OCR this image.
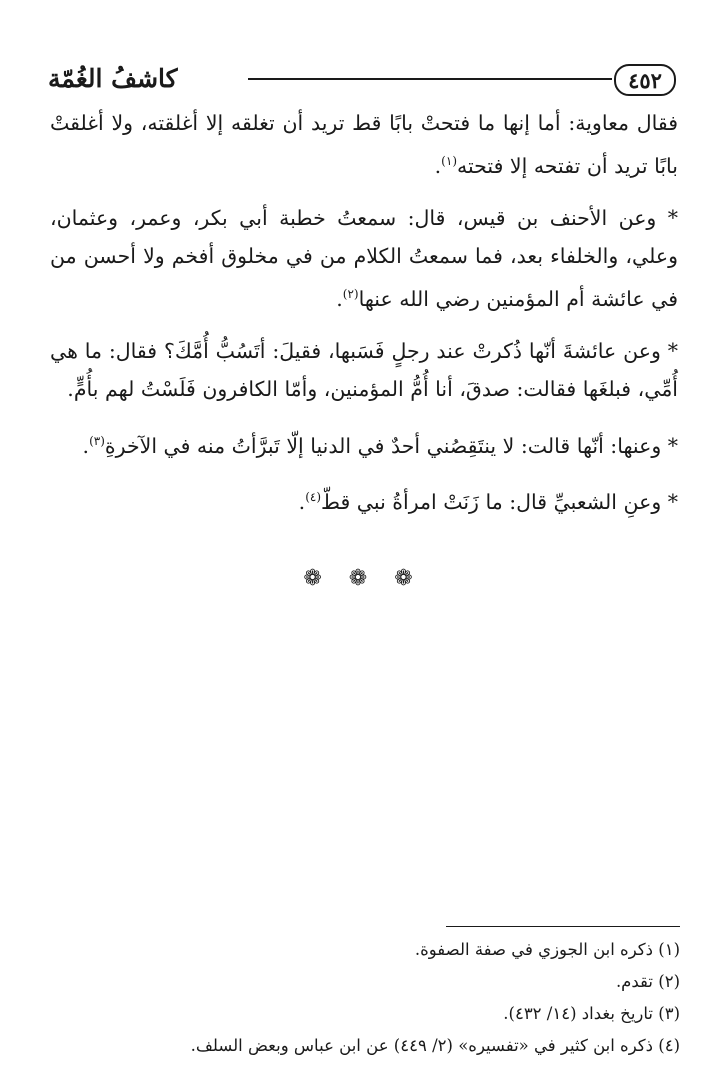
٤٥٢
كاشفُ الغُمّة

فقال معاوية: أما إنها ما فتحتْ بابًا قط تريد أن تغلقه إلا أغلقته، ولا أغلقتْ بابًا تريد أن تفتحه إلا فتحته$^{(١)}$.

* وعن الأحنف بن قيس، قال: سمعتُ خطبة أبي بكر، وعمر، وعثمان، وعلي، والخلفاء بعد، فما سمعتُ الكلام من في مخلوق أفخم ولا أحسن من في عائشة أم المؤمنين رضي الله عنها$^{(٢)}$.

* وعن عائشةَ أنّها ذُكرتْ عند رجلٍ فَسَبها، فقيلَ: أتَسُبُّ أُمَّكَ؟ فقال: ما هي أُمِّي، فبلغَها فقالت: صدقَ، أنا أُمُّ المؤمنين، وأمّا الكافرون فَلَسْتُ لهم بأُمٍّ.

* وعنها: أنّها قالت: لا ينتَقِصُني أحدٌ في الدنيا إلّا تَبرَّأتُ منه في الآخرةِ$^{(٣)}$.

* وعنِ الشعبيِّ قال: ما زَنَتْ امرأةُ نبي قطّ$^{(٤)}$.

❁ ❁ ❁
(١) ذكره ابن الجوزي في صفة الصفوة.
(٢) تقدم.
(٣) تاريخ بغداد (١٤/ ٤٣٢).
(٤) ذكره ابن كثير في «تفسيره» (٢/ ٤٤٩) عن ابن عباس وبعض السلف.
